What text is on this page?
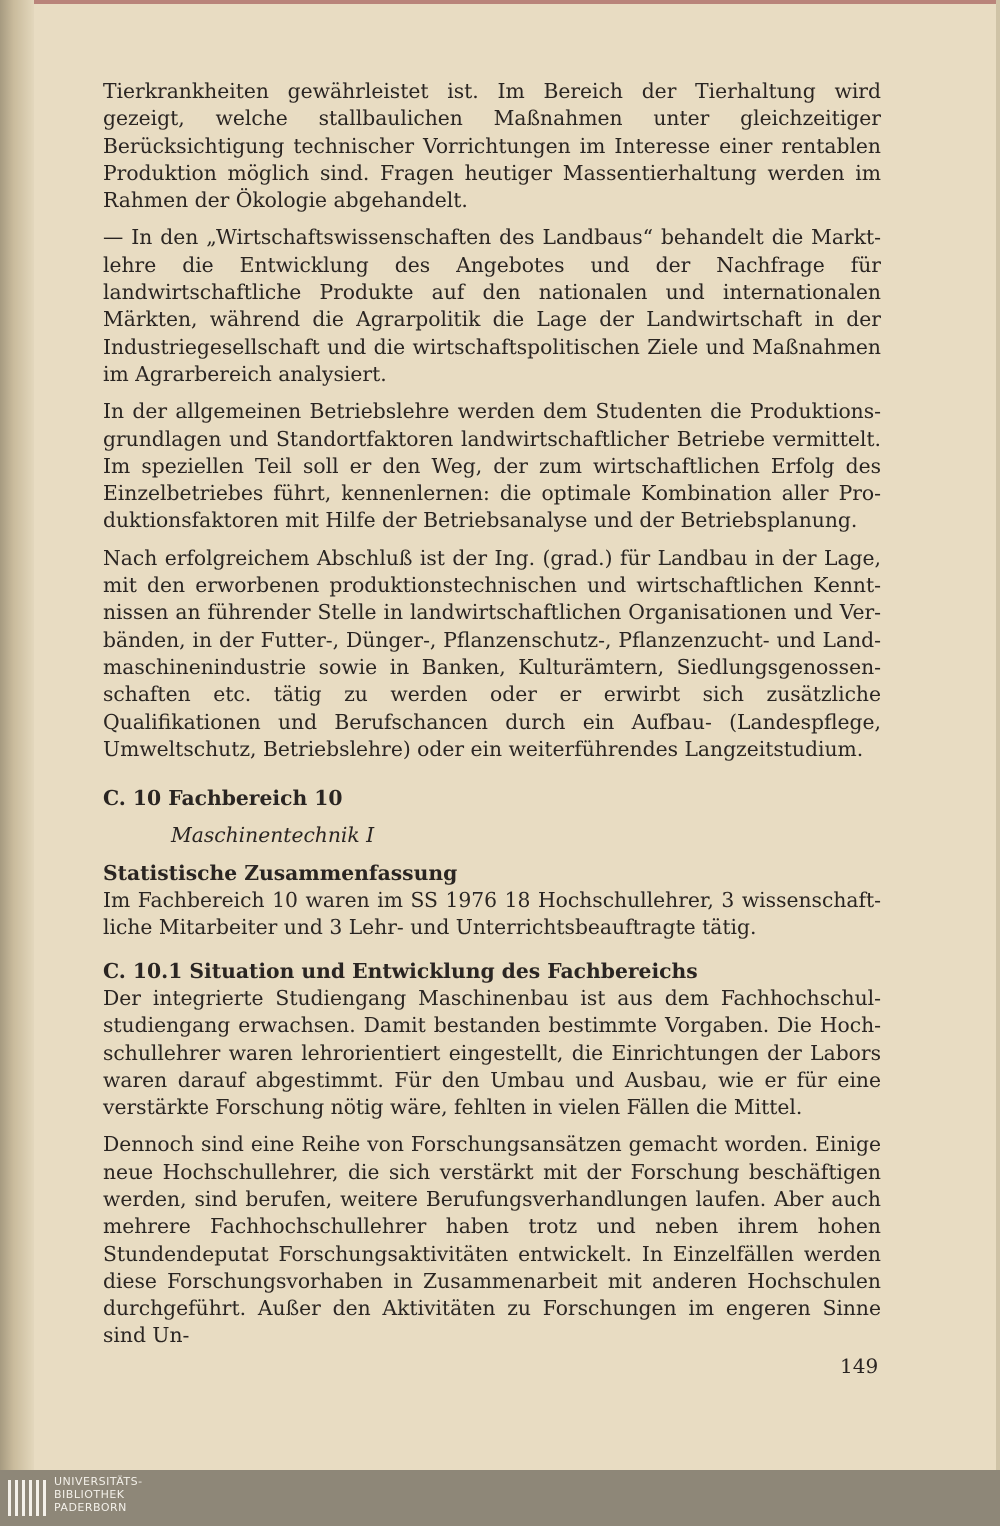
Tierkrankheiten gewährleistet ist. Im Bereich der Tierhaltung wird gezeigt, welche stallbaulichen Maßnahmen unter gleichzeitiger Berücksichtigung technischer Vorrichtungen im Interesse einer rentablen Produktion möglich sind. Fragen heutiger Massentierhaltung werden im Rahmen der Ökologie abgehandelt.

— In den „Wirtschaftswissenschaften des Landbaus“ behandelt die Marktlehre die Entwicklung des Angebotes und der Nachfrage für landwirtschaftliche Produkte auf den nationalen und internationalen Märkten, während die Agrarpolitik die Lage der Landwirtschaft in der Industriegesellschaft und die wirtschaftspolitischen Ziele und Maßnahmen im Agrarbereich analysiert.

In der allgemeinen Betriebslehre werden dem Studenten die Produktionsgrundlagen und Standortfaktoren landwirtschaftlicher Betriebe vermittelt. Im speziellen Teil soll er den Weg, der zum wirtschaftlichen Erfolg des Einzelbetriebes führt, kennenlernen: die optimale Kombination aller Produktionsfaktoren mit Hilfe der Betriebsanalyse und der Betriebsplanung.

Nach erfolgreichem Abschluß ist der Ing. (grad.) für Landbau in der Lage, mit den erworbenen produktionstechnischen und wirtschaftlichen Kenntnissen an führender Stelle in landwirtschaftlichen Organisationen und Verbänden, in der Futter-, Dünger-, Pflanzenschutz-, Pflanzenzucht- und Landmaschinenindustrie sowie in Banken, Kulturämtern, Siedlungsgenossenschaften etc. tätig zu werden oder er erwirbt sich zusätzliche Qualifikationen und Berufschancen durch ein Aufbau- (Landespflege, Umweltschutz, Betriebslehre) oder ein weiterführendes Langzeitstudium.

C. 10 Fachbereich 10
Maschinentechnik I
Statistische Zusammenfassung

Im Fachbereich 10 waren im SS 1976 18 Hochschullehrer, 3 wissenschaftliche Mitarbeiter und 3 Lehr- und Unterrichtsbeauftragte tätig.

C. 10.1 Situation und Entwicklung des Fachbereichs

Der integrierte Studiengang Maschinenbau ist aus dem Fachhochschulstudiengang erwachsen. Damit bestanden bestimmte Vorgaben. Die Hochschullehrer waren lehrorientiert eingestellt, die Einrichtungen der Labors waren darauf abgestimmt. Für den Umbau und Ausbau, wie er für eine verstärkte Forschung nötig wäre, fehlten in vielen Fällen die Mittel.

Dennoch sind eine Reihe von Forschungsansätzen gemacht worden. Einige neue Hochschullehrer, die sich verstärkt mit der Forschung beschäftigen werden, sind berufen, weitere Berufungsverhandlungen laufen. Aber auch mehrere Fachhochschullehrer haben trotz und neben ihrem hohen Stundendeputat Forschungsaktivitäten entwickelt. In Einzelfällen werden diese Forschungsvorhaben in Zusammenarbeit mit anderen Hochschulen durchgeführt. Außer den Aktivitäten zu Forschungen im engeren Sinne sind Un-

149
UNIVERSITÄTS-
BIBLIOTHEK
PADERBORN
